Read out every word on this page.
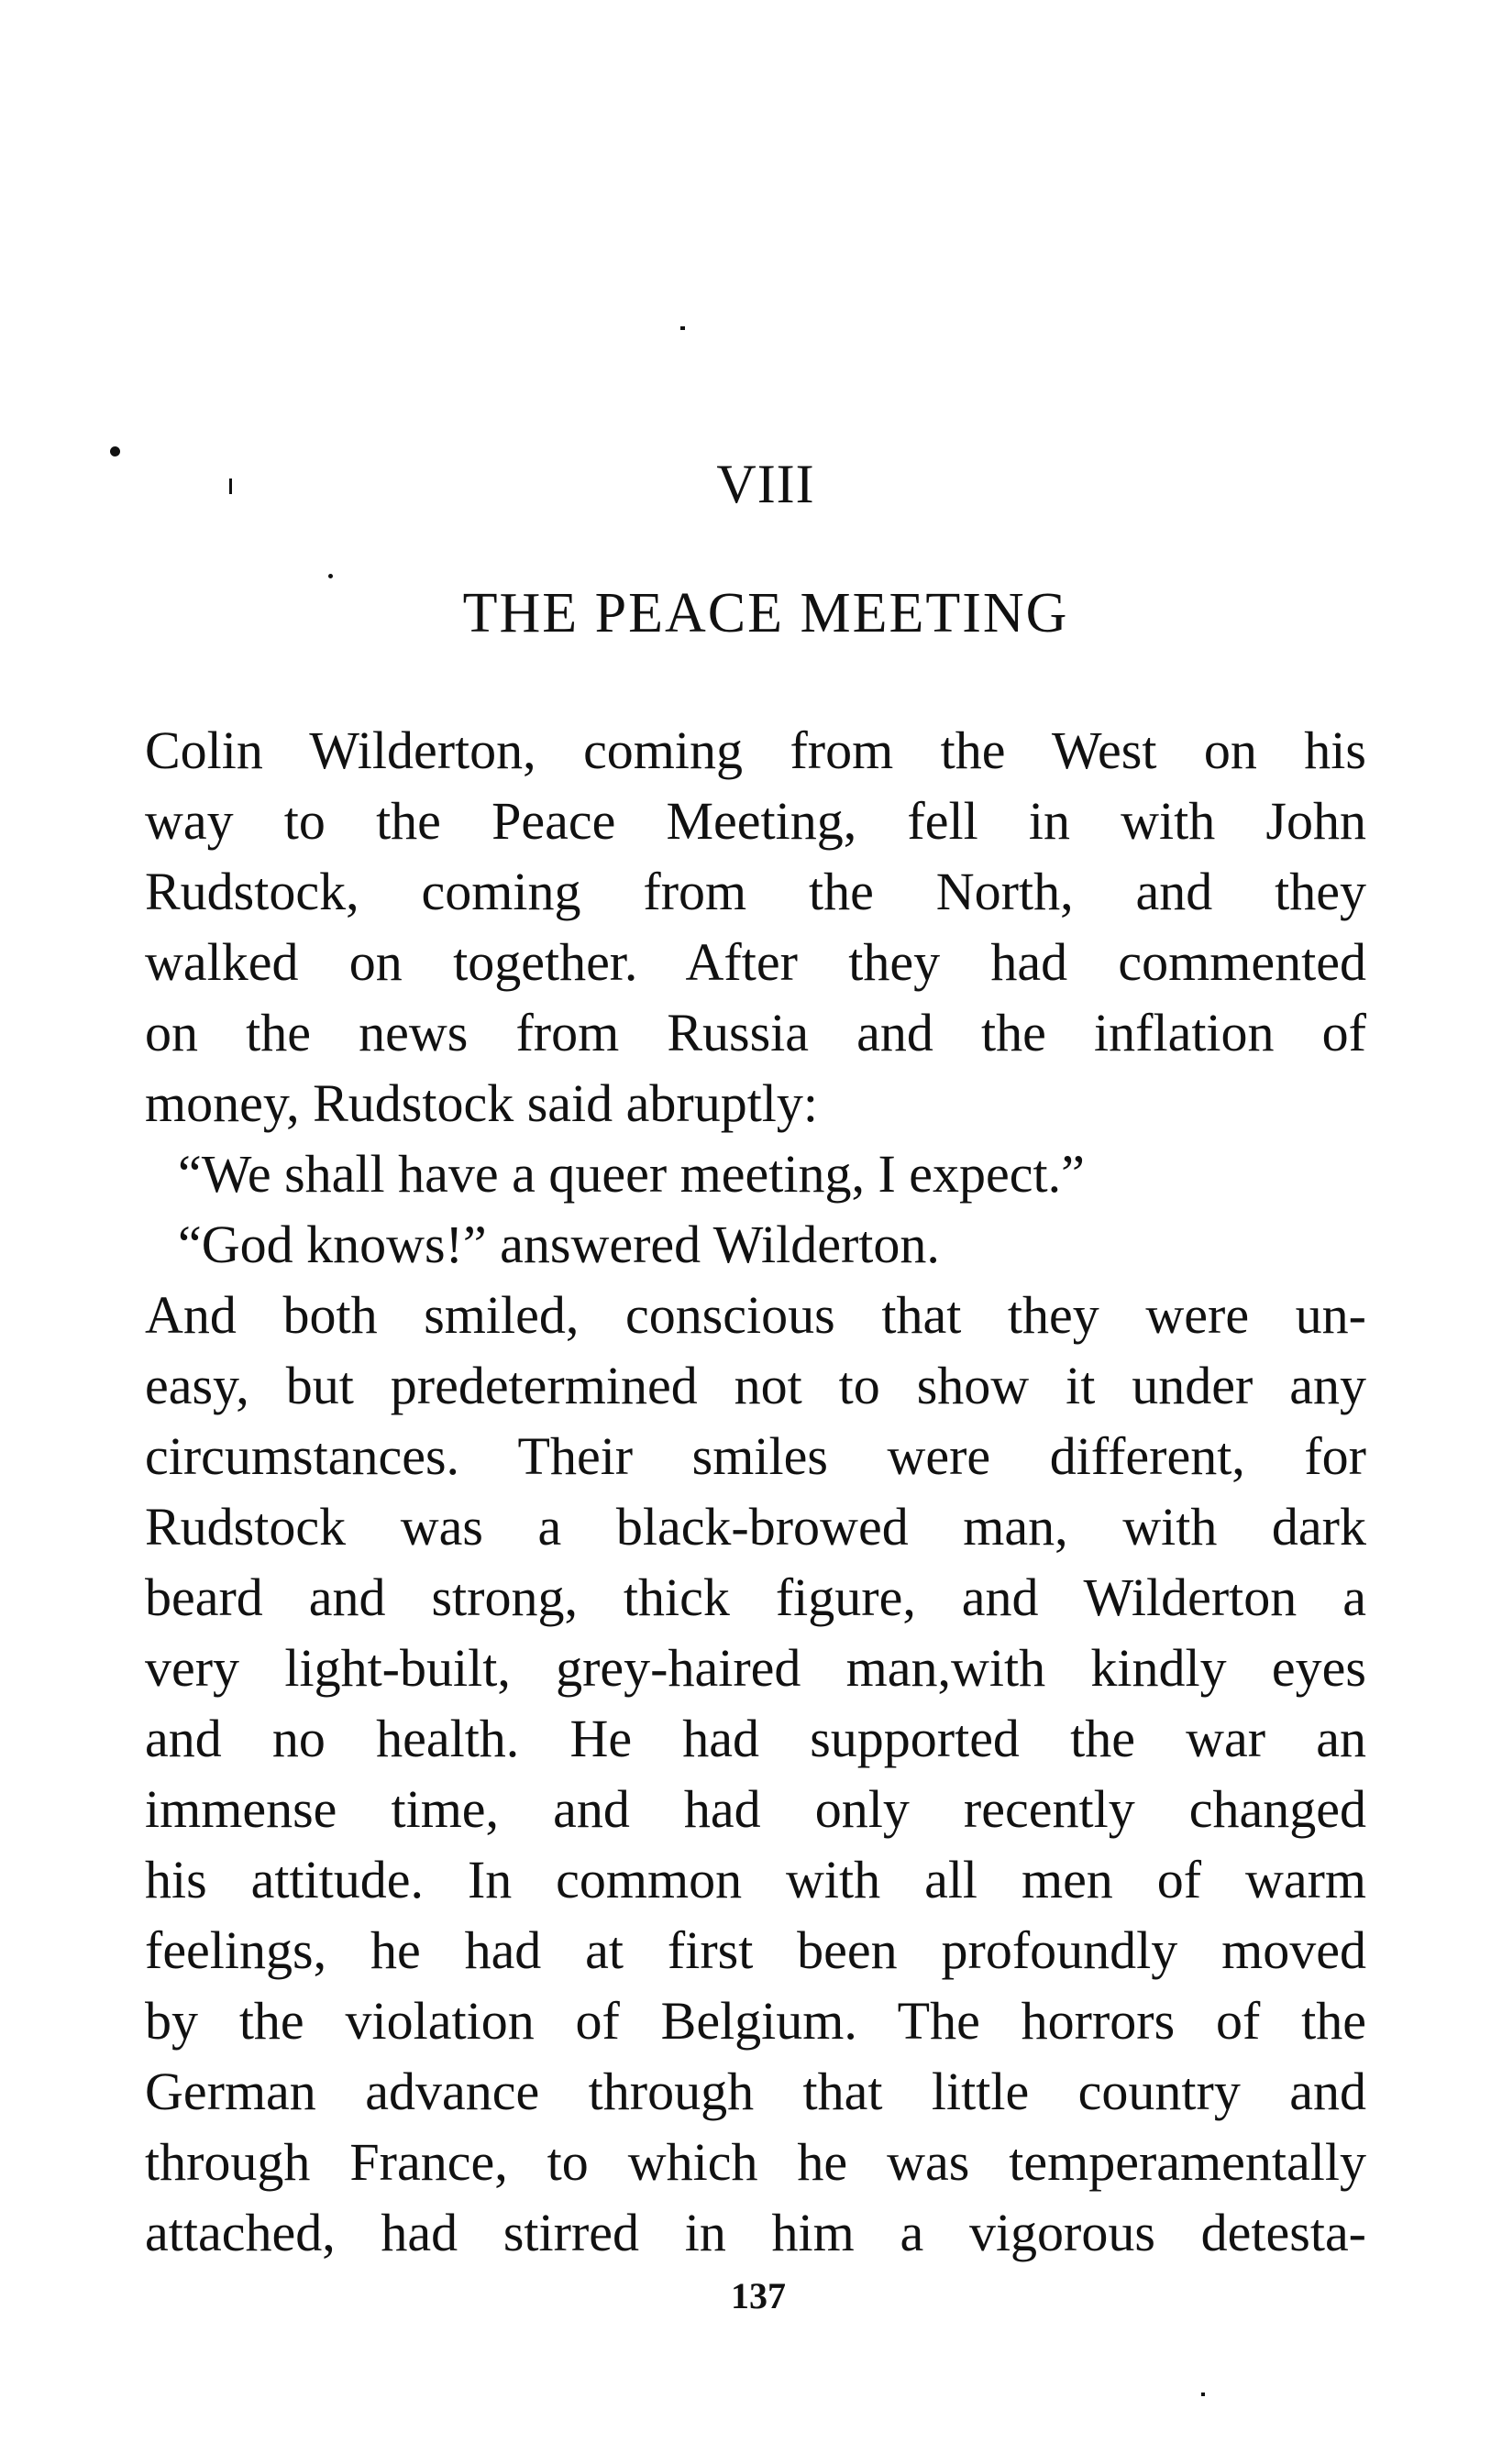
VIII
THE PEACE MEETING
Colin Wilderton, coming from the West on his
way to the Peace Meeting, fell in with John
Rudstock, coming from the North, and they
walked on together. After they had commented
on the news from Russia and the inflation of
money, Rudstock said abruptly:
“We shall have a queer meeting, I expect.”
“God knows!” answered Wilderton.
And both smiled, conscious that they were un-
easy, but predetermined not to show it under any
circumstances. Their smiles were different, for
Rudstock was a black-browed man, with dark
beard and strong, thick figure, and Wilderton a
very light-built, grey-haired man,with kindly eyes
and no health. He had supported the war an
immense time, and had only recently changed
his attitude. In common with all men of warm
feelings, he had at first been profoundly moved
by the violation of Belgium. The horrors of the
German advance through that little country and
through France, to which he was temperamentally
attached, had stirred in him a vigorous detesta-
137
